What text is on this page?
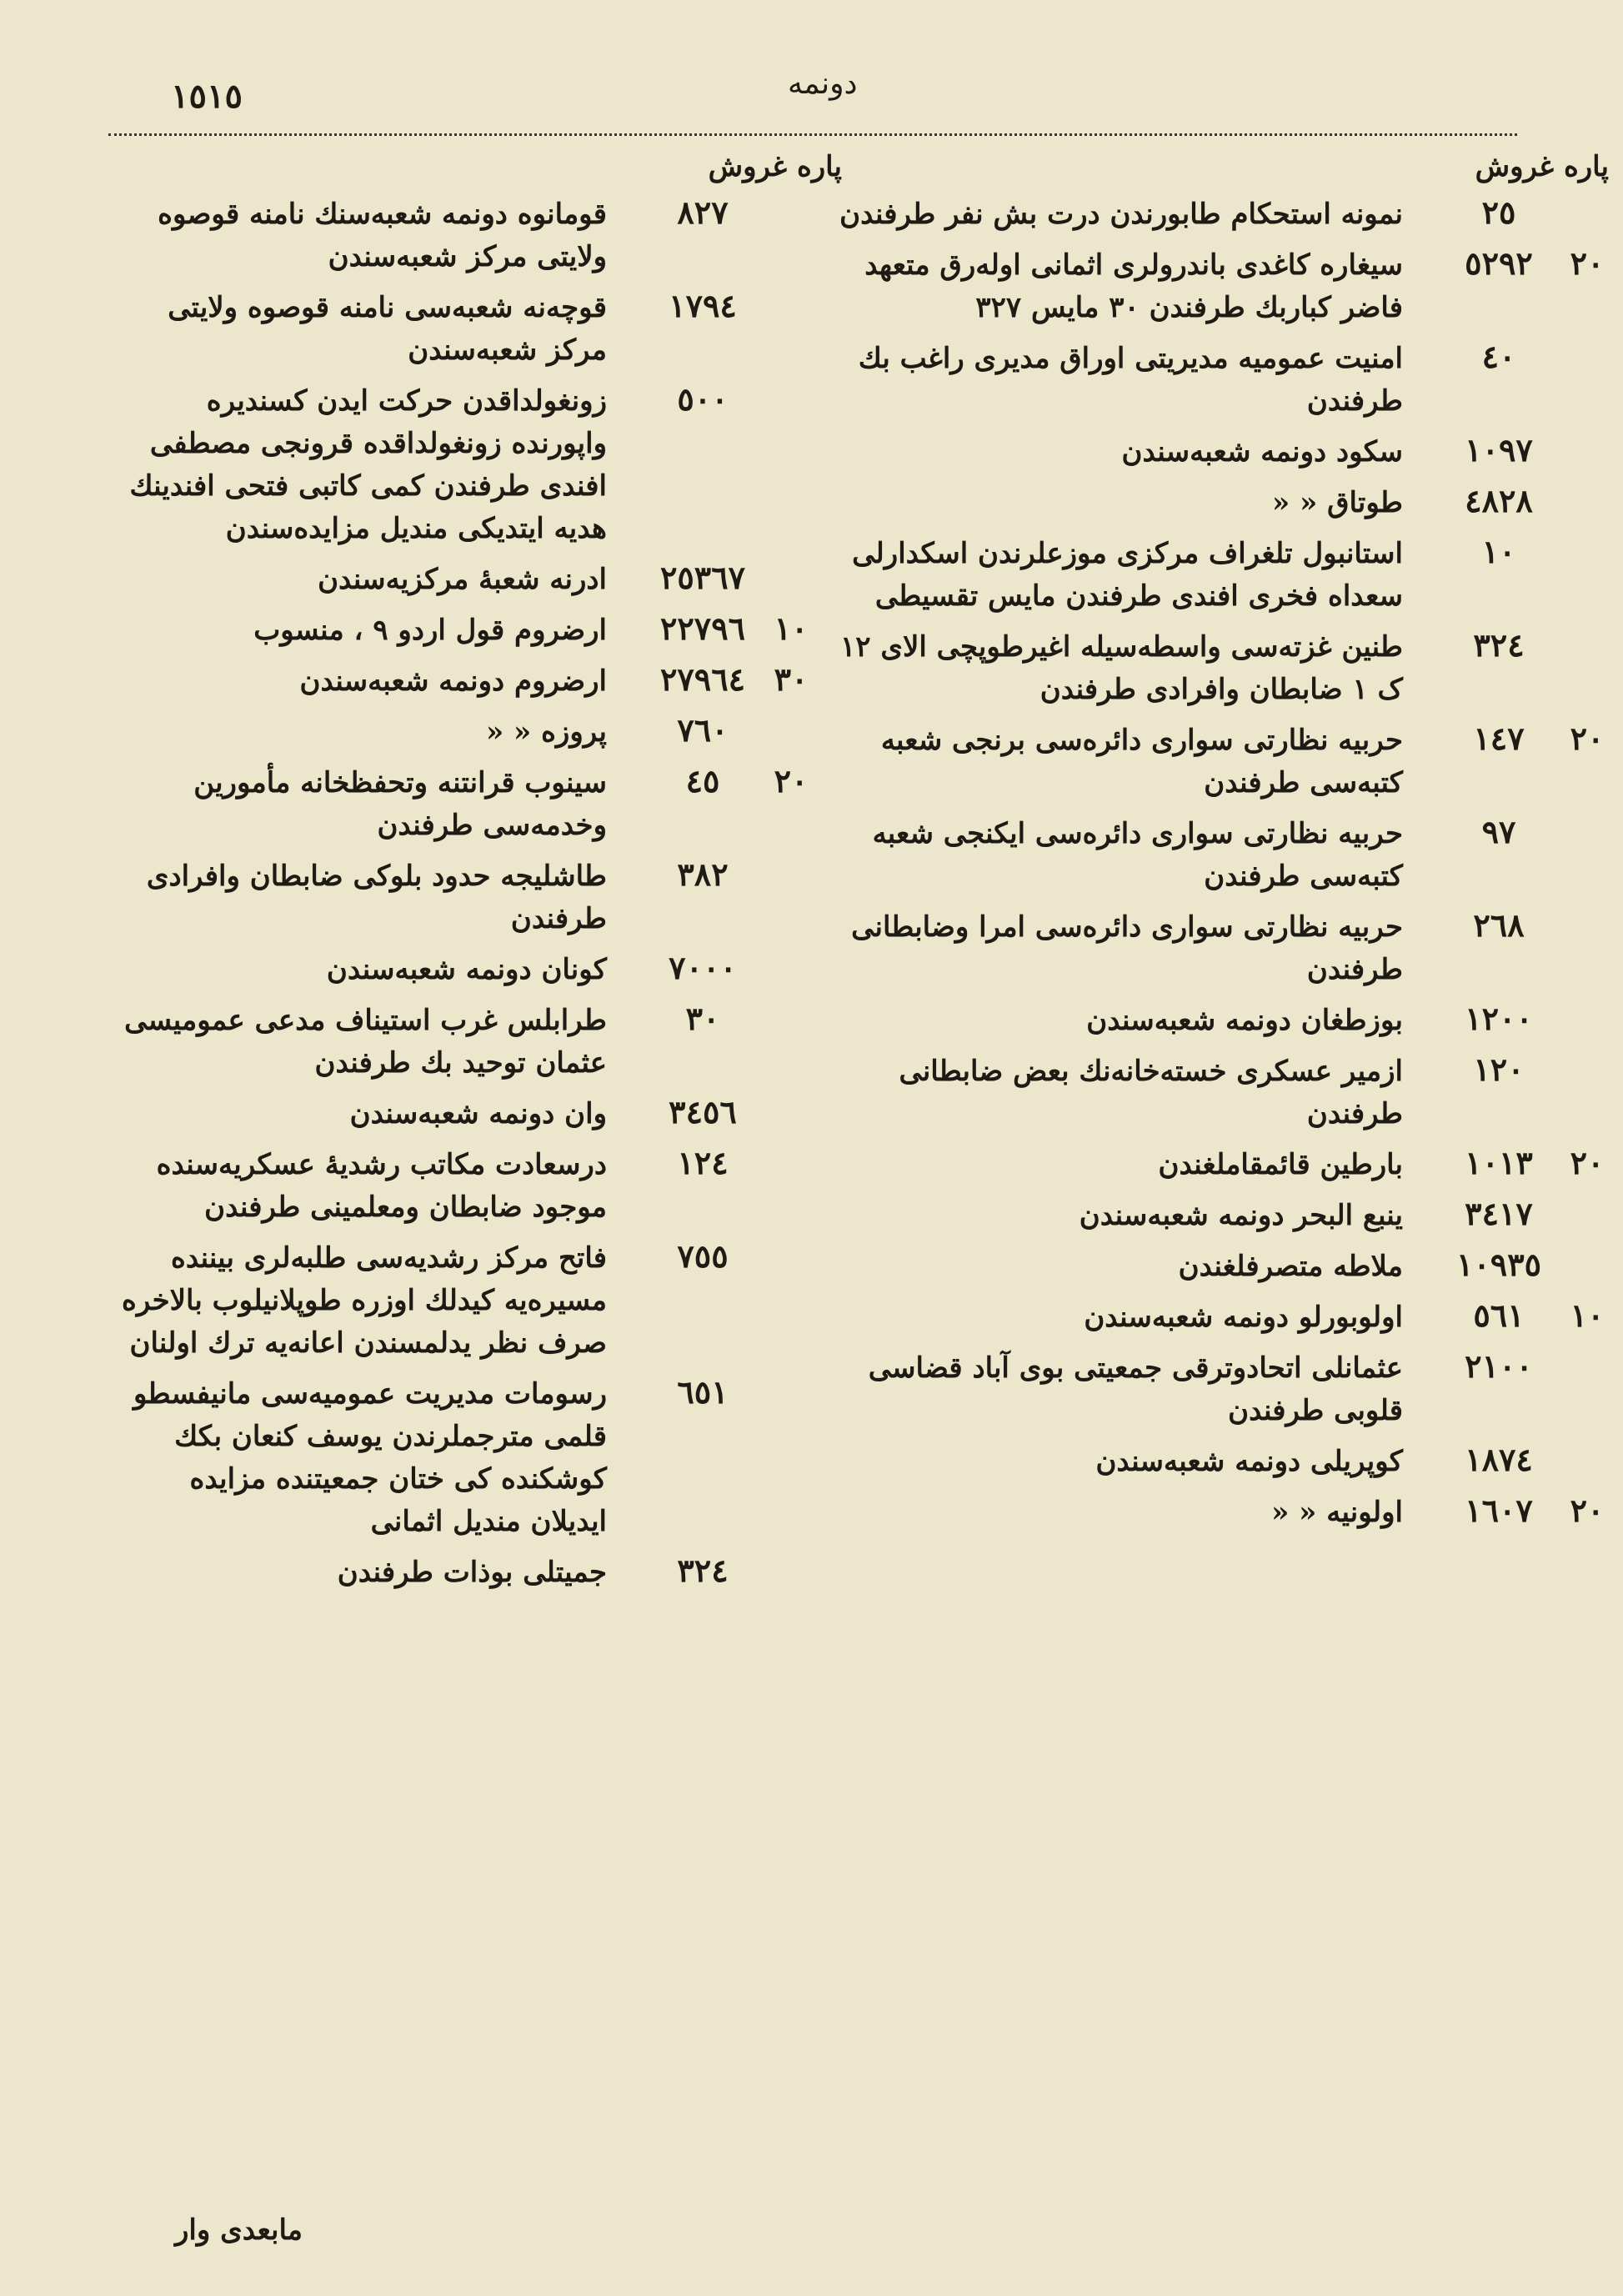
١٥١٥	دونمه
پاره غروش
پاره غروش
٢٥
نمونه استحکام طابورندن درت بش نفر طرفندن
٢٠
٥٢٩٢
سیغاره کاغدی باندرولری اثمانی اولەرق متعهد فاضر کباربك طرفندن ٣٠ مایس ٣٢٧
٤٠
امنیت عمومیه مدیریتی اوراق مدیری راغب بك طرفندن
١٠٩٧
سکود دونمه شعبه‌سندن
٤٨٢٨
طوتاق « «
١٠
استانبول تلغراف مرکزی موزعلرندن اسکدارلی سعداه فخری افندی طرفندن مایس تقسیطی
٣٢٤
طنین غزته‌سی واسطه‌سیله اغیرطوپچی الای ١٢ ک ١ ضابطان وافرادی طرفندن
٢٠
١٤٧
حربیه نظارتی سواری دائره‌سی برنجی شعبه کتبه‌سی طرفندن
٩٧
حربیه نظارتی سواری دائره‌سی ایکنجی شعبه کتبه‌سی طرفندن
٢٦٨
حربیه نظارتی سواری دائره‌سی امرا وضابطانی طرفندن
١٢٠٠
بوزطغان دونمه شعبه‌سندن
١٢٠
ازمیر عسکری خسته‌خانه‌نك بعض ضابطانی طرفندن
٢٠
١٠١٣
بارطین قائمقاملغندن
٣٤١٧
ینبع البحر دونمه شعبه‌سندن
١٠٩٣٥
ملاطه متصرفلغندن
١٠
٥٦١
اولوبورلو دونمه شعبه‌سندن
٢١٠٠
عثمانلی اتحادوترقی جمعیتی بوی آباد قضاسی قلوبی طرفندن
١٨٧٤
کوپریلی دونمه شعبه‌سندن
٢٠
١٦٠٧
اولونیه « «
٨٢٧
قومانوه دونمه شعبه‌سنك نامنه قوصوه ولایتی مرکز شعبه‌سندن
١٧٩٤
قوچەنه شعبه‌سی نامنه قوصوه ولایتی مرکز شعبه‌سندن
٥٠٠
زونغولداقدن حرکت ایدن کسندیره واپورنده زونغولداقده قرونجی مصطفی افندی طرفندن کمی کاتبی فتحی افندینك هدیه ایتدیکی مندیل مزایده‌سندن
٢٥٣٦٧
ادرنه شعبهٔ مرکزیه‌سندن
١٠
٢٢٧٩٦
ارضروم قول اردو ٩ ، منسوب
٣٠
٢٧٩٦٤
ارضروم دونمه شعبه‌سندن
٧٦٠
پروزه « «
٢٠
٤٥
سینوب قرانتنه وتحفظخانه مأمورین وخدمه‌سی طرفندن
٣٨٢
طاشلیجه حدود بلوکی ضابطان وافرادی طرفندن
٧٠٠٠
کونان دونمه شعبه‌سندن
٣٠
طرابلس غرب استیناف مدعی عمومیسی عثمان توحید بك طرفندن
٣٤٥٦
وان دونمه شعبه‌سندن
١٢٤
درسعادت مکاتب رشدیهٔ عسکریه‌سنده موجود ضابطان ومعلمینی طرفندن
٧٥٥
فاتح مرکز رشدیه‌سی طلبه‌لری بیننده مسیره‌یه کیدلك اوزره طوپلانیلوب بالاخره صرف نظر یدلمسندن اعانه‌یه ترك اولنان
٦٥١
رسومات مدیریت عمومیه‌سی مانیفسطو قلمی مترجملرندن یوسف کنعان بکك کوشکنده کی ختان جمعیتنده مزایده ایدیلان مندیل اثمانی
٣٢٤
جمیتلی بوذات طرفندن
مابعدی وار
